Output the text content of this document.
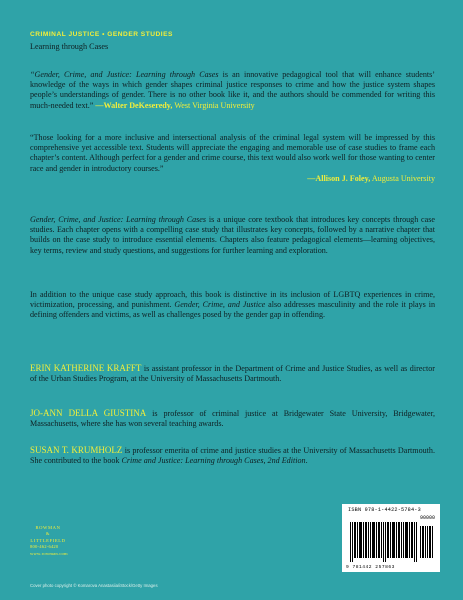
CRIMINAL JUSTICE • GENDER STUDIES
Learning through Cases
“Gender, Crime, and Justice: Learning through Cases is an innovative pedagogical tool that will enhance students’ knowledge of the ways in which gender shapes criminal justice responses to crime and how the justice system shapes people’s understandings of gender. There is no other book like it, and the authors should be commended for writing this much-needed text.” —Walter DeKeseredy, West Virginia University
“Those looking for a more inclusive and intersectional analysis of the criminal legal system will be impressed by this comprehensive yet accessible text. Students will appreciate the engaging and memorable use of case studies to frame each chapter’s content. Although perfect for a gender and crime course, this text would also work well for those wanting to center race and gender in introductory courses.”
—Allison J. Foley, Augusta University
Gender, Crime, and Justice: Learning through Cases is a unique core textbook that introduces key concepts through case studies. Each chapter opens with a compelling case study that illustrates key concepts, followed by a narrative chapter that builds on the case study to introduce essential elements. Chapters also feature pedagogical elements—learning objectives, key terms, review and study questions, and suggestions for further learning and exploration.
In addition to the unique case study approach, this book is distinctive in its inclusion of LGBTQ experiences in crime, victimization, processing, and punishment. Gender, Crime, and Justice also addresses masculinity and the role it plays in defining offenders and victims, as well as challenges posed by the gender gap in offending.
ERIN KATHERINE KRAFFT is assistant professor in the Department of Crime and Justice Studies, as well as director of the Urban Studies Program, at the University of Massachusetts Dartmouth.
JO-ANN DELLA GIUSTINA is professor of criminal justice at Bridgewater State University, Bridgewater, Massachusetts, where she has won several teaching awards.
SUSAN T. KRUMHOLZ is professor emerita of crime and justice studies at the University of Massachusetts Dartmouth. She contributed to the book Crime and Justice: Learning through Cases, 2nd Edition.
ROWMAN
&
LITTLEFIELD
800-462-6420
www.rowman.com
Cover photo copyright © Komarova Anastasiia/iStock/Getty Images
ISBN 978-1-4422-5784-3
90000
9 781442 257863
